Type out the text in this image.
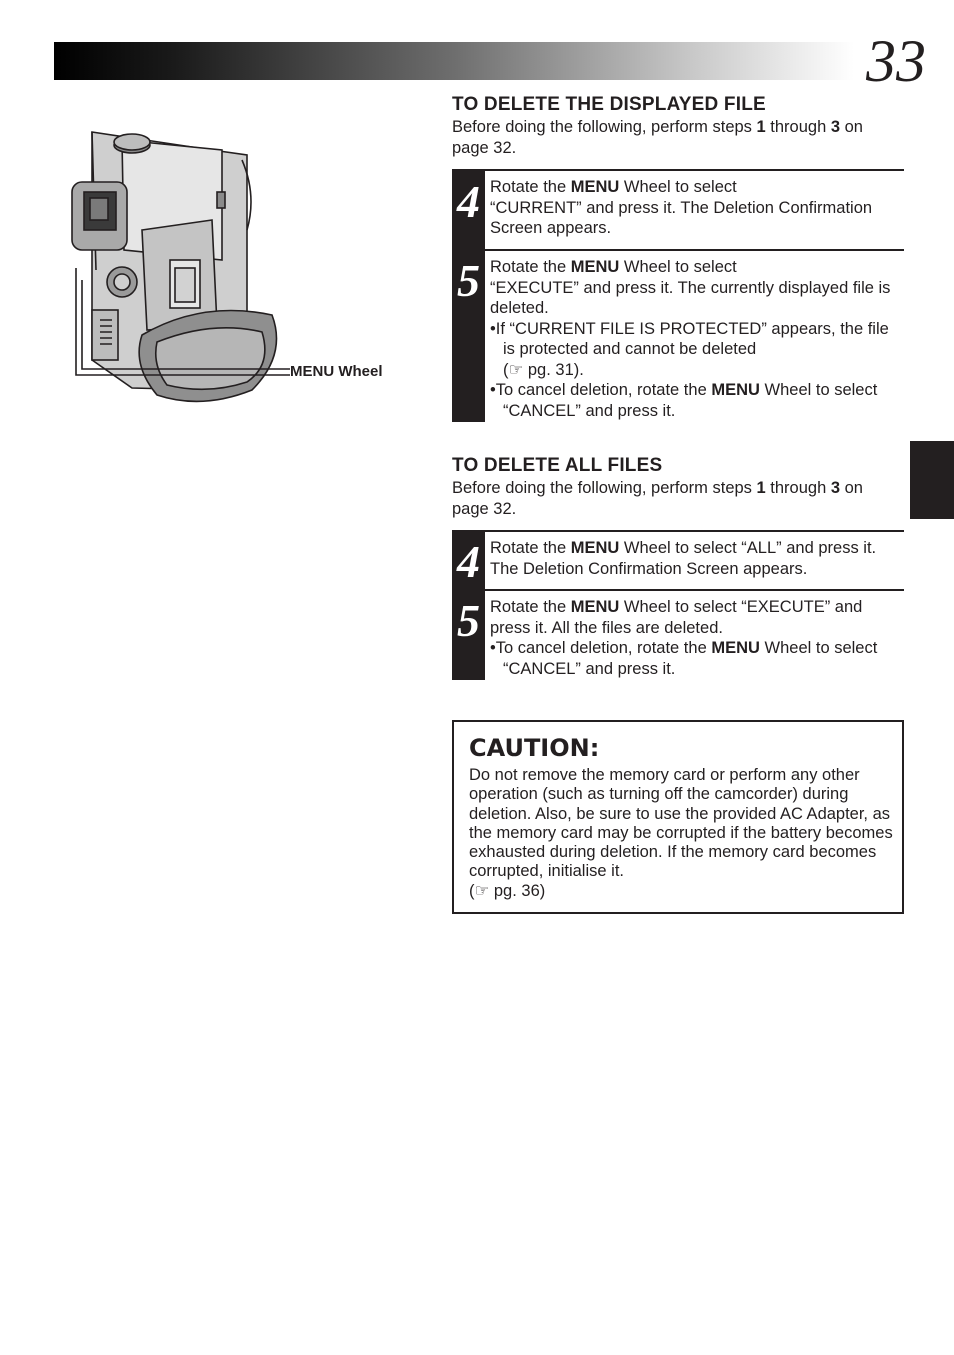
33
MENU Wheel
TO DELETE THE DISPLAYED FILE

Before doing the following, perform steps 1 through 3 on page 32.

4 Rotate the MENU Wheel to select
“CURRENT” and press it. The Deletion Confirmation Screen appears.
5 Rotate the MENU Wheel to select
“EXECUTE” and press it. The currently displayed file is deleted.
•If “CURRENT FILE IS PROTECTED” appears, the file is protected and cannot be deleted
(☞ pg. 31).
•To cancel deletion, rotate the MENU Wheel to select “CANCEL” and press it.
TO DELETE ALL FILES

Before doing the following, perform steps 1 through 3 on page 32.

4 Rotate the MENU Wheel to select “ALL” and press it. The Deletion Confirmation Screen appears.
5 Rotate the MENU Wheel to select “EXECUTE” and press it. All the files are deleted.
•To cancel deletion, rotate the MENU Wheel to select “CANCEL” and press it.
CAUTION:
Do not remove the memory card or perform any other operation (such as turning off the camcorder) during deletion. Also, be sure to use the provided AC Adapter, as the memory card may be corrupted if the battery becomes exhausted during deletion. If the memory card becomes corrupted, initialise it.
(☞ pg. 36)
